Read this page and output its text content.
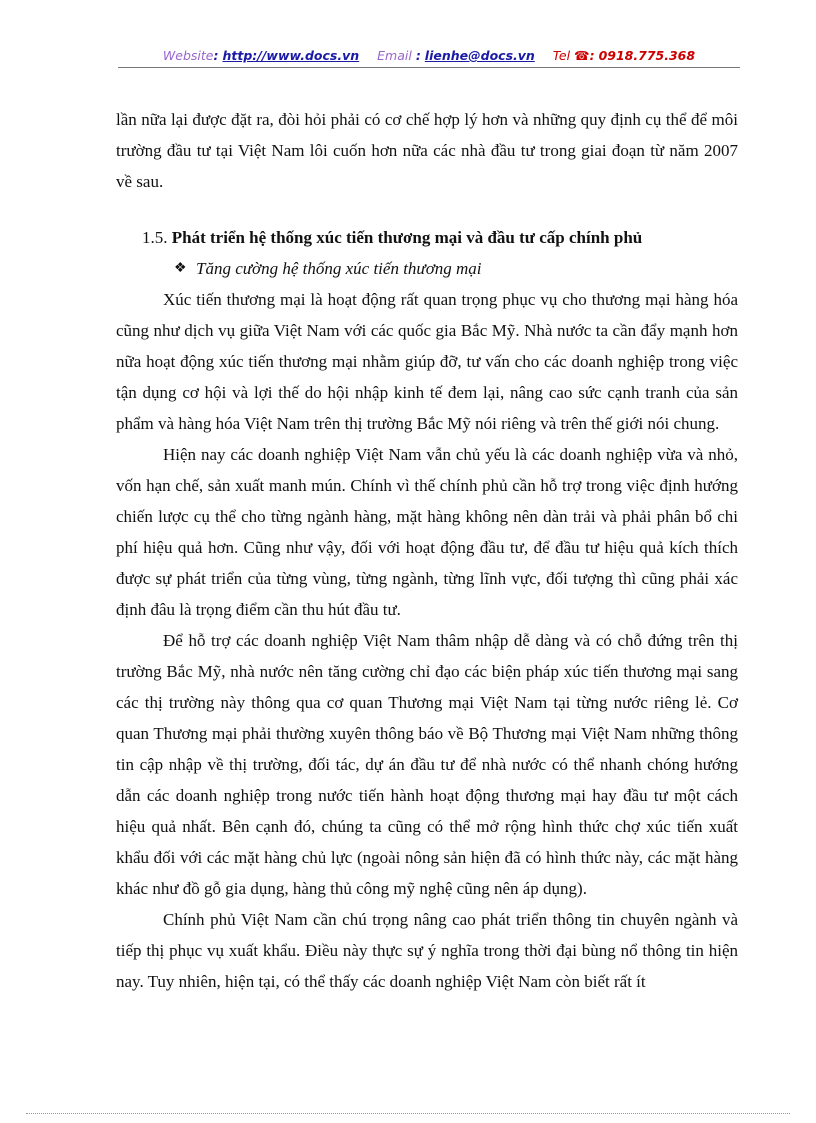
Website: http://www.docs.vn Email : lienhe@docs.vn Tel ☎: 0918.775.368

lần nữa lại được đặt ra, đòi hỏi phải có cơ chế hợp lý hơn và những quy định cụ thể để môi trường đầu tư tại Việt Nam lôi cuốn hơn nữa các nhà đầu tư trong giai đoạn từ năm 2007 về sau.

1.5. Phát triển hệ thống xúc tiến thương mại và đầu tư cấp chính phủ
❖ Tăng cường hệ thống xúc tiến thương mại

Xúc tiến thương mại là hoạt động rất quan trọng phục vụ cho thương mại hàng hóa cũng như dịch vụ giữa Việt Nam với các quốc gia Bắc Mỹ. Nhà nước ta cần đẩy mạnh hơn nữa hoạt động xúc tiến thương mại nhằm giúp đỡ, tư vấn cho các doanh nghiệp trong việc tận dụng cơ hội và lợi thế do hội nhập kinh tế đem lại, nâng cao sức cạnh tranh của sản phẩm và hàng hóa Việt Nam trên thị trường Bắc Mỹ nói riêng và trên thế giới nói chung.

Hiện nay các doanh nghiệp Việt Nam vẫn chủ yếu là các doanh nghiệp vừa và nhỏ, vốn hạn chế, sản xuất manh mún. Chính vì thế chính phủ cần hỗ trợ trong việc định hướng chiến lược cụ thể cho từng ngành hàng, mặt hàng không nên dàn trải và phải phân bổ chi phí hiệu quả hơn. Cũng như vậy, đối với hoạt động đầu tư, để đầu tư hiệu quả kích thích được sự phát triển của từng vùng, từng ngành, từng lĩnh vực, đối tượng thì cũng phải xác định đâu là trọng điểm cần thu hút đầu tư.

Để hỗ trợ các doanh nghiệp Việt Nam thâm nhập dễ dàng và có chỗ đứng trên thị trường Bắc Mỹ, nhà nước nên tăng cường chỉ đạo các biện pháp xúc tiến thương mại sang các thị trường này thông qua cơ quan Thương mại Việt Nam tại từng nước riêng lẻ. Cơ quan Thương mại phải thường xuyên thông báo về Bộ Thương mại Việt Nam những thông tin cập nhập về thị trường, đối tác, dự án đầu tư để nhà nước có thể nhanh chóng hướng dẫn các doanh nghiệp trong nước tiến hành hoạt động thương mại hay đầu tư một cách hiệu quả nhất. Bên cạnh đó, chúng ta cũng có thể mở rộng hình thức chợ xúc tiến xuất khẩu đối với các mặt hàng chủ lực (ngoài nông sản hiện đã có hình thức này, các mặt hàng khác như đồ gỗ gia dụng, hàng thủ công mỹ nghệ cũng nên áp dụng).

Chính phủ Việt Nam cần chú trọng nâng cao phát triển thông tin chuyên ngành và tiếp thị phục vụ xuất khẩu. Điều này thực sự ý nghĩa trong thời đại bùng nổ thông tin hiện nay. Tuy nhiên, hiện tại, có thể thấy các doanh nghiệp Việt Nam còn biết rất ít
